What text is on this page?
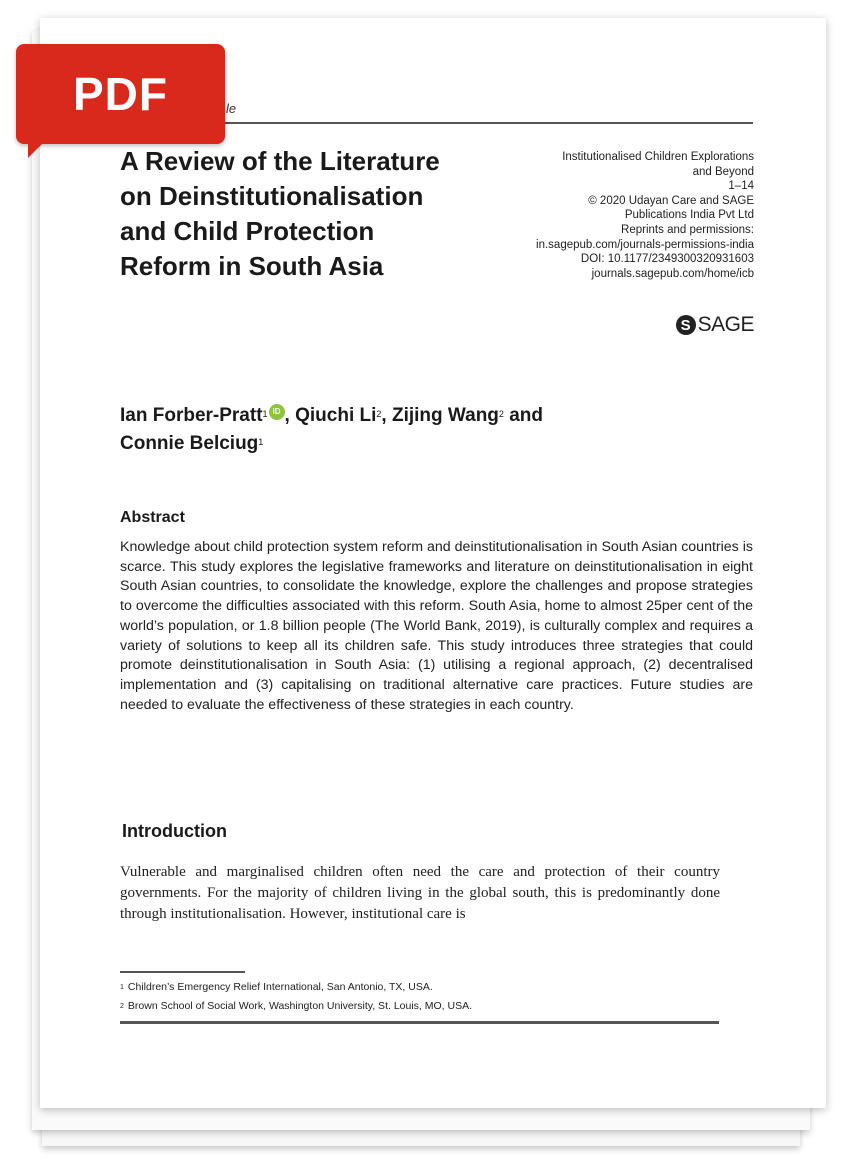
PDF	le
A Review of the Literature on Deinstitutionalisation and Child Protection Reform in South Asia
Institutionalised Children Explorations
and Beyond
1–14
© 2020 Udayan Care and SAGE
Publications India Pvt Ltd
Reprints and permissions:
in.sagepub.com/journals-permissions-india
DOI: 10.1177/2349300320931603
journals.sagepub.com/home/icb
S SAGE
Ian Forber-Pratt$^1$ iD , Qiuchi Li$^2$, Zijing Wang$^2$ and
Connie Belciug$^1$
Abstract
Knowledge about child protection system reform and deinstitutionalisation in South Asian countries is scarce. This study explores the legislative frameworks and literature on deinstitutionalisation in eight South Asian countries, to consolidate the knowledge, explore the challenges and propose strategies to overcome the difficulties associated with this reform. South Asia, home to almost 25per cent of the world’s population, or 1.8 billion people (The World Bank, 2019), is culturally complex and requires a variety of solutions to keep all its children safe. This study introduces three strategies that could promote deinstitutionalisation in South Asia: (1) utilising a regional approach, (2) decentralised implementation and (3) capitalising on traditional alternative care practices. Future studies are needed to evaluate the effectiveness of these strategies in each country.
Introduction
Vulnerable and marginalised children often need the care and protection of their country governments. For the majority of children living in the global south, this is predominantly done through institutionalisation. However, institutional care is
$^1$ Children’s Emergency Relief International, San Antonio, TX, USA.
$^2$ Brown School of Social Work, Washington University, St. Louis, MO, USA.
